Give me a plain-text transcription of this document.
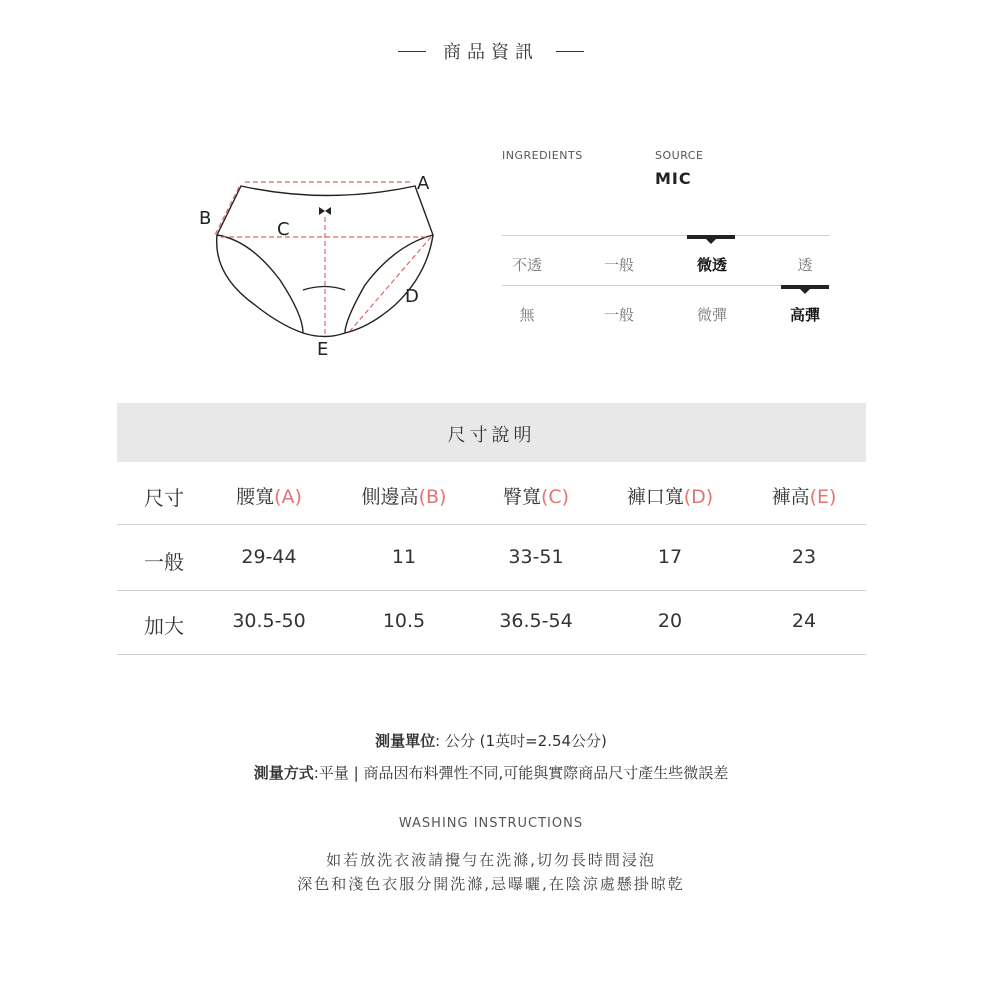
商品資訊
A
B
C
D
E
INGREDIENTS	SOURCE
MIC
不透	一般	微透	透
無	一般	微彈	高彈
尺寸說明
尺寸	腰寬(A)	側邊高(B)	臀寬(C)	褲口寬(D)	褲高(E)
一般	29-44	11	33-51	17	23
加大	30.5-50	10.5	36.5-54	20	24
測量單位: 公分 (1英吋=2.54公分)
測量方式:平量 | 商品因布料彈性不同,可能與實際商品尺寸產生些微誤差
WASHING INSTRUCTIONS
如若放洗衣液請攪勻在洗滌,切勿長時間浸泡
深色和淺色衣服分開洗滌,忌曝曬,在陰涼處懸掛晾乾
